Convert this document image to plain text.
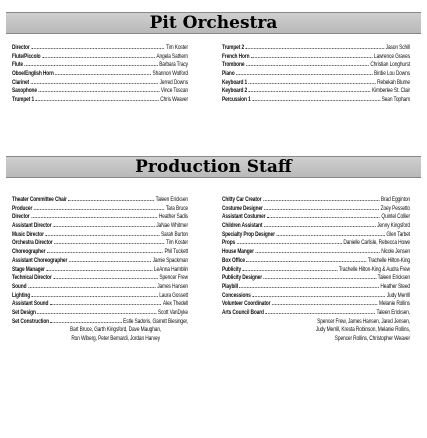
Pit Orchestra
Director	Tim Koster
Flute/Piccolo	Angela Sathern
Flute	Barbara Tracy
Oboe/English Horn	Shannon Wolford
Clarinet	Jerred Downs
Saxophone	Vince Toscan
Trumpet 1	Chris Weaver
Trumpet 2	Jason Schill
French Horn	Lawrence Graves
Trombone	Christian Longhurst
Piano	Birdie Lou Downs
Keyboard 1	Rebekah Blume
Keyboard 2	Kimberlee St. Clair
Percussion 1	Sean Topham
Production Staff
Theater Committee Chair	Taleen Ericksen
Producer	Tara Bruce
Director	Heather Sadis
Assistant Director	JaNae Whitmer
Music Director	Sarah Burton
Orchestra Director	Tim Koster
Choreographer	Phil Tuckett
Assistant Choreographer	Jamie Spackman
Stage Manager	LeAnna Hamblin
Technical Director	Spencer Frew
Sound	James Hansen
Lighting	Laura Gossett
Assistant Sound	Alex Thedell
Set Design	Scott VanDyke
Set Construction	Estle Sadoris, Garrett Biesinger,
Bart Bruce, Garth Kingsford, Dave Maughan,
Ron Wiberg, Peter Bernardi, Jordan Harvey
Chitty Car Creator	Brad Egginton
Costume Designer	Zoey Pessetto
Assistant Costumer	Quintel Collier
Children Assistant	Jenny Kingsford
Specialty Prop Designer	Glen Tarbet
Props	Danielle Carlisle, Rebecca Howe
House Manger	Nicole Jensen
Box Office	Trachelle Hilton-King
Publicity	Trachelle Hilton-King & Audra Frew
Publicity Designer	Taleen Ericksen
Playbill	Heather Steed
Concessions	Judy Merrill
Volunteer Coordinator	Melanie Rollins
Arts Council Board	Taleen Ericksen,
Spencer Frew, James Hansen, Jared Jensen,
Judy Merrill, Kresta Robinson, Melanie Rollins,
Spencer Rollins, Christopher Weaver
